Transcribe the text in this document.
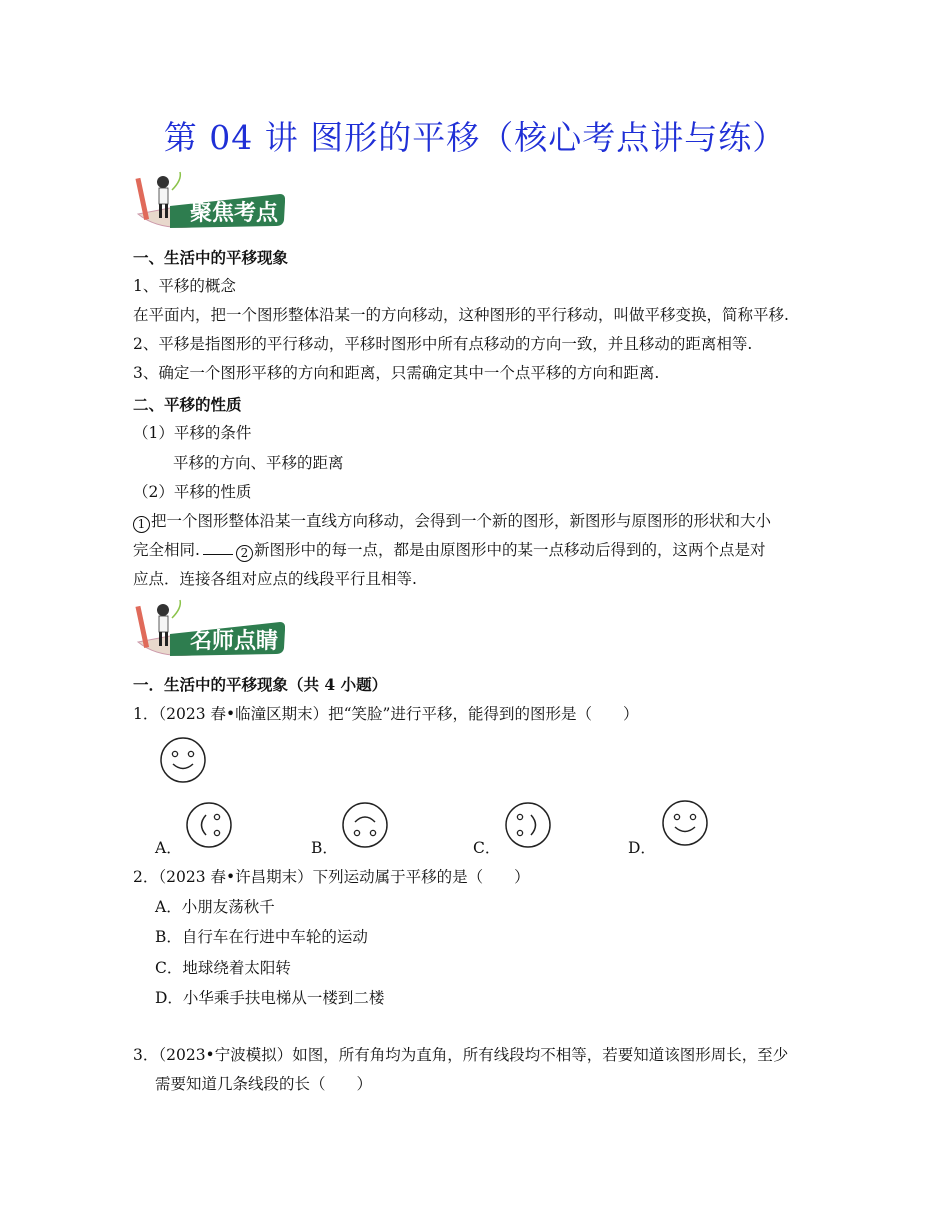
第 04 讲 图形的平移（核心考点讲与练）
聚焦考点
一、生活中的平移现象
1、平移的概念
在平面内，把一个图形整体沿某一的方向移动，这种图形的平行移动，叫做平移变换，简称平移.
2、平移是指图形的平行移动，平移时图形中所有点移动的方向一致，并且移动的距离相等.
3、确定一个图形平移的方向和距离，只需确定其中一个点平移的方向和距离.
二、平移的性质
（1）平移的条件
平移的方向、平移的距离
（2）平移的性质
1 把一个图形整体沿某一直线方向移动，会得到一个新的图形，新图形与原图形的形状和大小
完全相同.	2 新图形中的每一点，都是由原图形中的某一点移动后得到的，这两个点是对
应点．连接各组对应点的线段平行且相等.
名师点睛
一．生活中的平移现象（共 4 小题）
1．（2023 春•临潼区期末）把“笑脸”进行平移，能得到的图形是（　　）
A．	B．	C．	D．
2．（2023 春•许昌期末）下列运动属于平移的是（　　）
A．小朋友荡秋千
B．自行车在行进中车轮的运动
C．地球绕着太阳转
D．小华乘手扶电梯从一楼到二楼
3．（2023•宁波模拟）如图，所有角均为直角，所有线段均不相等，若要知道该图形周长，至少
需要知道几条线段的长（　　）
